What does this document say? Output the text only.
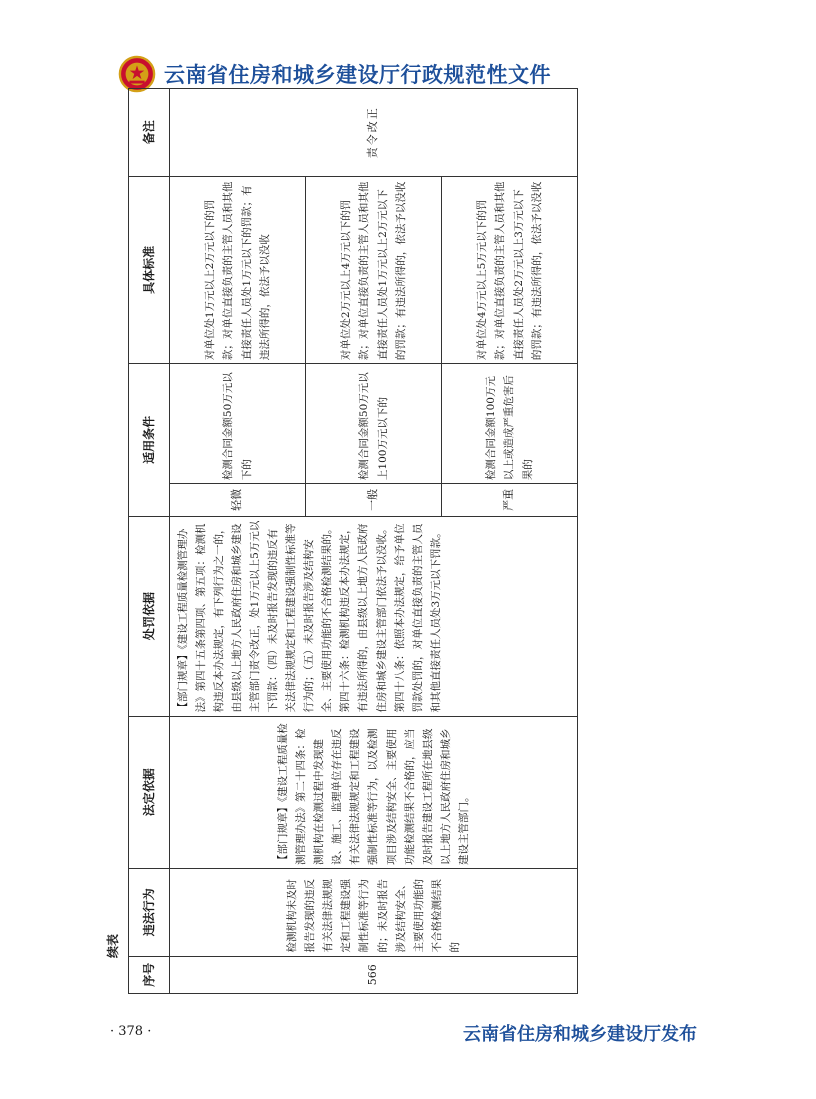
云南省住房和城乡建设厅行政规范性文件
续表
序号	违法行为	法定依据	处罚依据	适用条件		具体标准	备注
566	检测机构未及时报告发现的违反有关法律法规规定和工程建设强制性标准等行为的；未及时报告涉及结构安全、主要使用功能的不合格检测结果的	【部门规章】《建设工程质量检测管理办法》第二十四条：检测机构在检测过程中发现建设、施工、监理单位存在违反有关法律法规规定和工程建设强制性标准等行为，以及检测项目涉及结构安全、主要使用功能检测结果不合格的，应当及时报告建设工程所在地县级以上地方人民政府住房和城乡建设主管部门。	【部门规章】《建设工程质量检测管理办法》第四十五条第四项、第五项：检测机构违反本办法规定，有下列行为之一的，由县级以上地方人民政府住房和城乡建设主管部门责令改正，处1万元以上5万元以下罚款：（四）未及时报告发现的违反有关法律法规规定和工程建设强制性标准等行为的；（五）未及时报告涉及结构安全、主要使用功能的不合格检测结果的。第四十六条：检测机构违反本办法规定，有违法所得的，由县级以上地方人民政府住房和城乡建设主管部门依法予以没收。第四十八条：依照本办法规定，给予单位罚款处罚的，对单位直接负责的主管人员和其他直接责任人员处3万元以下罚款。	轻微	检测合同金额50万元以下的	对单位处1万元以上2万元以下的罚款；对单位直接负责的主管人员和其他直接责任人员处1万元以下的罚款；有违法所得的，依法予以没收	责令改正
				一般	检测合同金额50万元以上100万元以下的	对单位处2万元以上4万元以下的罚款；对单位直接负责的主管人员和其他直接责任人员处1万元以上2万元以下的罚款；有违法所得的，依法予以没收	
				严重	检测合同金额100万元以上或造成严重危害后果的	对单位处4万元以上5万元以下的罚款；对单位直接负责的主管人员和其他直接责任人员处2万元以上3万元以下的罚款；有违法所得的，依法予以没收	
· 378 ·	云南省住房和城乡建设厅发布
